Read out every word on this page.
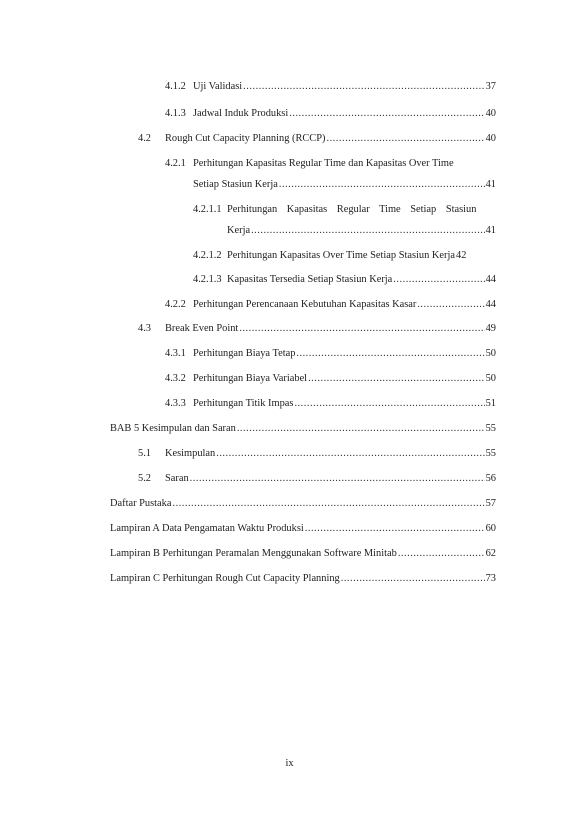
4.1.2 Uji Validasi .....	37
4.1.3 Jadwal Induk Produksi .....	40
4.2	Rough Cut Capacity Planning (RCCP) .....	40
4.2.1 Perhitungan Kapasitas Regular Time dan Kapasitas Over Time
Setiap Stasiun Kerja .....	41
4.2.1.1 Perhitungan Kapasitas Regular Time Setiap Stasiun
Kerja .....	41
4.2.1.2 Perhitungan Kapasitas Over Time Setiap Stasiun Kerja 42
4.2.1.3 Kapasitas Tersedia Setiap Stasiun Kerja .....	44
4.2.2 Perhitungan Perencanaan Kebutuhan Kapasitas Kasar .....	44
4.3	Break Even Point .....	49
4.3.1 Perhitungan Biaya Tetap .....	50
4.3.2 Perhitungan Biaya Variabel .....	50
4.3.3 Perhitungan Titik Impas .....	51
BAB 5 Kesimpulan dan Saran .....	55
5.1	Kesimpulan .....	55
5.2	Saran .....	56
Daftar Pustaka .....	57
Lampiran A Data Pengamatan Waktu Produksi .....	60
Lampiran B Perhitungan Peramalan Menggunakan Software Minitab .....	62
Lampiran C Perhitungan Rough Cut Capacity Planning .....	73
ix
